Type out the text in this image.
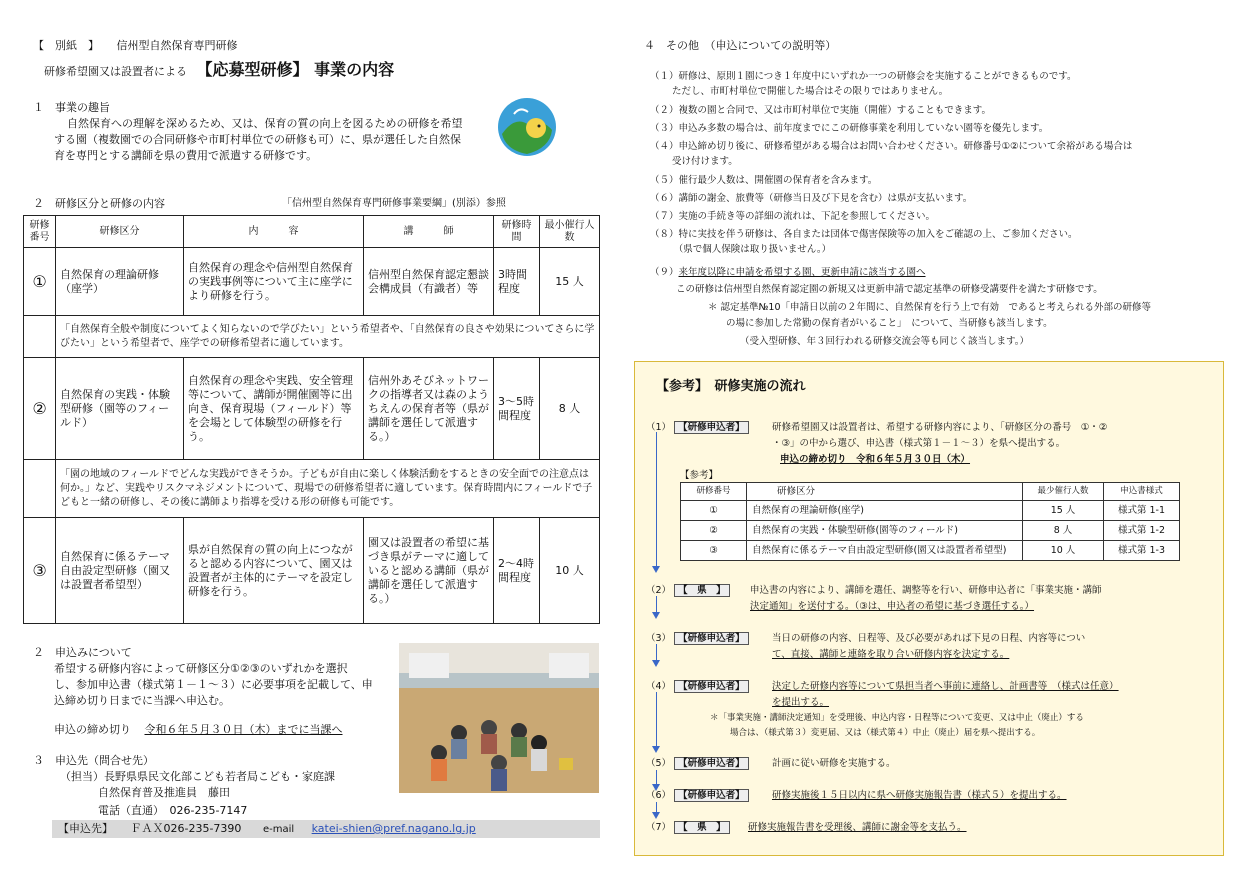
【　別紙　】 信州型自然保育専門研修
研修希望園又は設置者による 【応募型研修】 事業の内容
１　事業の趣旨
自然保育への理解を深めるため、又は、保育の質の向上を図るための研修を希望
する園（複数園での合同研修や市町村単位での研修も可）に、県が選任した自然保
育を専門とする講師を県の費用で派遣する研修です。
２　研修区分と研修の内容	「信州型自然保育専門研修事業要綱」(別添）参照
研修番号	研修区分	内　　　容	講　　　師	研修時間	最小催行人数
①	自然保育の理論研修（座学）	自然保育の理念や信州型自然保育の実践事例等について主に座学により研修を行う。	信州型自然保育認定懇談会構成員（有識者）等	3時間程度	15 人
	「自然保育全般や制度についてよく知らないので学びたい」という希望者や、「自然保育の良さや効果についてさらに学びたい」という希望者で、座学での研修希望者に適しています。				
②	自然保育の実践・体験型研修（園等のフィールド）	自然保育の理念や実践、安全管理等について、講師が開催園等に出向き、保育現場（フィールド）等を会場として体験型の研修を行う。	信州外あそびネットワークの指導者又は森のようちえんの保育者等（県が講師を選任して派遣する。）	3～5時間程度	8 人
	「園の地域のフィールドでどんな実践ができそうか。子どもが自由に楽しく体験活動をするときの安全面での注意点は何か。」など、実践やリスクマネジメントについて、現場での研修希望者に適しています。保育時間内にフィールドで子どもと一緒の研修し、その後に講師より指導を受ける形の研修も可能です。				
③	自然保育に係るテーマ自由設定型研修（園又は設置者希望型）	県が自然保育の質の向上につながると認める内容について、園又は設置者が主体的にテーマを設定し研修を行う。	園又は設置者の希望に基づき県がテーマに適していると認める講師（県が講師を選任して派遣する。）	2～4時間程度	10 人
２　申込みについて
希望する研修内容によって研修区分①②③のいずれかを選択
し、参加申込書（様式第１－１～３）に必要事項を記載して、申
込締め切り日までに当課へ申込む。
申込の締め切り 令和６年５月３０日（木）までに当課へ
３　申込先（問合せ先）
（担当）長野県県民文化部こども若者局こども・家庭課
自然保育普及推進員　藤田
電話（直通）　026-235-7147
【申込先】 ＦＡＸ026-235-7390 e-mail katei-shien@pref.nagano.lg.jp
４　その他　（申込についての説明等）
（１）研修は、原則１園につき１年度中にいずれか一つの研修会を実施することができるものです。
　　 ただし、市町村単位で開催した場合はその限りではありません。
（２）複数の園と合同で、又は市町村単位で実施（開催）することもできます。
（３）申込み多数の場合は、前年度までにこの研修事業を利用していない園等を優先します。
（４）申込締め切り後に、研修希望がある場合はお問い合わせください。研修番号①②について余裕がある場合は
　　 受け付けます。
（５）催行最少人数は、開催園の保育者を含みます。
（６）講師の謝金、旅費等（研修当日及び下見を含む）は県が支払います。
（７）実施の手続き等の詳細の流れは、下記を参照してください。
（８）特に実技を伴う研修は、各自または団体で傷害保険等の加入をご確認の上、ご参加ください。
　　　（県で個人保険は取り扱いません。）
（９）来年度以降に申請を希望する園、更新申請に該当する園へ
この研修は信州型自然保育認定園の新規又は更新申請で認定基準の研修受講要件を満たす研修です。
＊ 認定基準№10「申請日以前の２年間に、自然保育を行う上で有効　であると考えられる外部の研修等
の場に参加した常勤の保育者がいること」　について、当研修も該当します。
（受入型研修、年３回行われる研修交流会等も同じく該当します。）
【参考】　研修実施の流れ
（1） 【研修申込者】	研修希望園又は設置者は、希望する研修内容により、「研修区分の番号　①・②
・③」の中から選び、申込書（様式第１－１～３）を県へ提出する。
申込の締め切り　令和６年５月３０日（木）
【参考】
研修番号	研修区分	最少催行人数	申込書様式
①	自然保育の理論研修(座学)	15 人	様式第 1-1
②	自然保育の実践・体験型研修(園等のフィールド)	8 人	様式第 1-2
③	自然保育に係るテーマ自由設定型研修(園又は設置者希望型)	10 人	様式第 1-3
（2） 【　県　】	申込書の内容により、講師を選任、調整等を行い、研修申込者に「事業実施・講師
決定通知」を送付する。（③は、申込者の希望に基づき選任する。）
（3） 【研修申込者】	当日の研修の内容、日程等、及び必要があれば下見の日程、内容等につい
て、直接、講師と連絡を取り合い研修内容を決定する。
（4） 【研修申込者】	決定した研修内容等について県担当者へ事前に連絡し、計画書等　（様式は任意）
を提出する。
＊「事業実施・講師決定通知」を受理後、申込内容・日程等について変更、又は中止（廃止）する
場合は、（様式第３）変更届、又は（様式第４）中止（廃止）届を県へ提出する。
（5） 【研修申込者】	計画に従い研修を実施する。
（6） 【研修申込者】	研修実施後１５日以内に県へ研修実施報告書（様式５）を提出する。
（7） 【　県　】	研修実施報告書を受理後、講師に謝金等を支払う。
